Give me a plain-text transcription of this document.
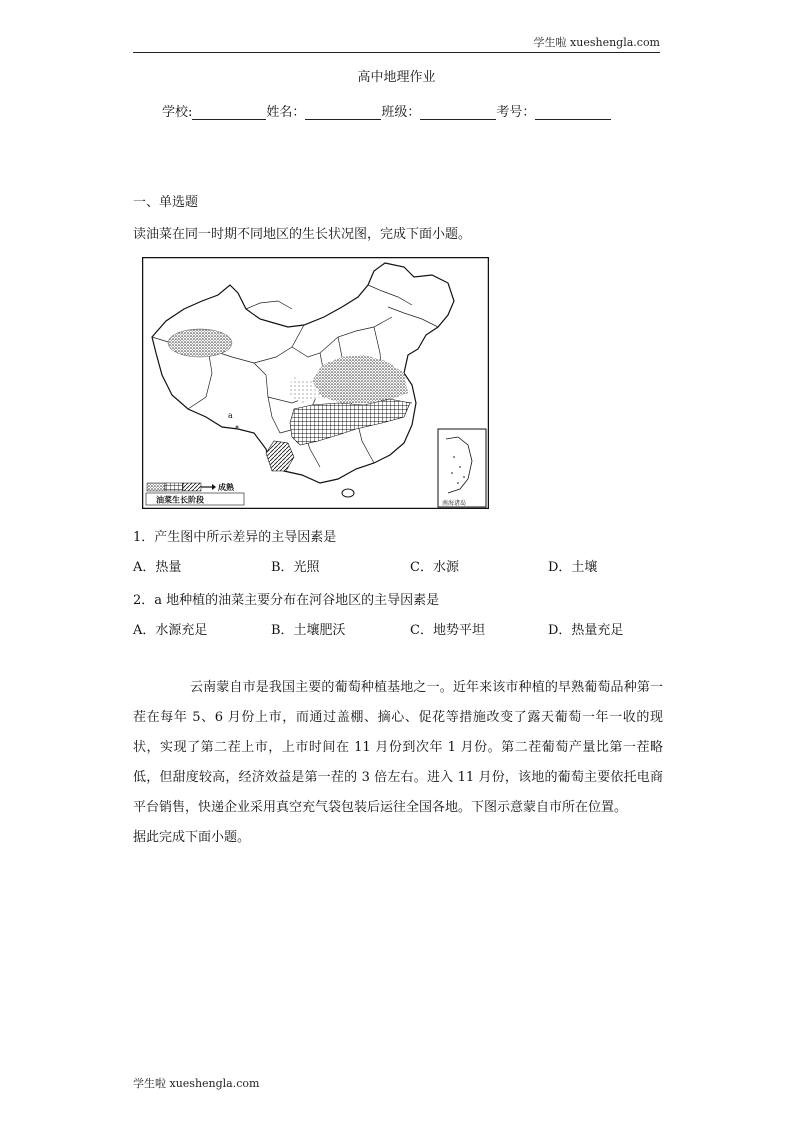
学生啦 xueshengla.com
高中地理作业
学校:	姓名：	班级：	考号：
一、单选题
读油菜在同一时期不同地区的生长状况图，完成下面小题。
a
南海诸岛
成熟
油菜生长阶段
1．产生图中所示差异的主导因素是
A．热量	B．光照	C．水源	D．土壤
2．a 地种植的油菜主要分布在河谷地区的主导因素是
A．水源充足	B．土壤肥沃	C．地势平坦	D．热量充足

云南蒙自市是我国主要的葡萄种植基地之一。近年来该市种植的早熟葡萄品种第一茬在每年 5、6 月份上市，而通过盖棚、摘心、促花等措施改变了露天葡萄一年一收的现状，实现了第二茬上市，上市时间在 11 月份到次年 1 月份。第二茬葡萄产量比第一茬略低，但甜度较高，经济效益是第一茬的 3 倍左右。进入 11 月份，该地的葡萄主要依托电商平台销售，快递企业采用真空充气袋包装后运往全国各地。下图示意蒙自市所在位置。

据此完成下面小题。

学生啦 xueshengla.com
